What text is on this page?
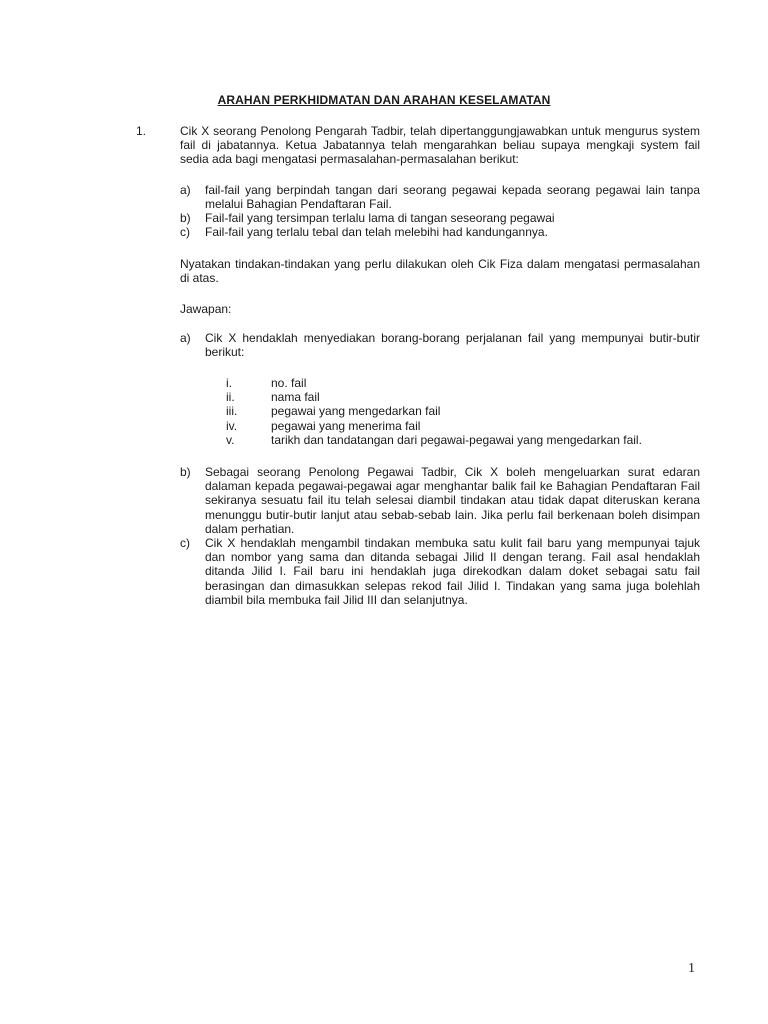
ARAHAN PERKHIDMATAN DAN ARAHAN KESELAMATAN
1.	Cik X seorang Penolong Pengarah Tadbir, telah dipertanggungjawabkan untuk mengurus system fail di jabatannya. Ketua Jabatannya telah mengarahkan beliau supaya mengkaji system fail sedia ada bagi mengatasi permasalahan-permasalahan berikut:
a)	fail-fail yang berpindah tangan dari seorang pegawai kepada seorang pegawai lain tanpa melalui Bahagian Pendaftaran Fail.
b)	Fail-fail yang tersimpan terlalu lama di tangan seseorang pegawai
c)	Fail-fail yang terlalu tebal dan telah melebihi had kandungannya.
Nyatakan tindakan-tindakan yang perlu dilakukan oleh Cik Fiza dalam mengatasi permasalahan di atas.
Jawapan:
a)	Cik X hendaklah menyediakan borang-borang perjalanan fail yang mempunyai butir-butir berikut:
i.	no. fail
ii.	nama fail
iii.	pegawai yang mengedarkan fail
iv.	pegawai yang menerima fail
v.	tarikh dan tandatangan dari pegawai-pegawai yang mengedarkan fail.
b)	Sebagai seorang Penolong Pegawai Tadbir, Cik X boleh mengeluarkan surat edaran dalaman kepada pegawai-pegawai agar menghantar balik fail ke Bahagian Pendaftaran Fail sekiranya sesuatu fail itu telah selesai diambil tindakan atau tidak dapat diteruskan kerana menunggu butir-butir lanjut atau sebab-sebab lain. Jika perlu fail berkenaan boleh disimpan dalam perhatian.
c)	Cik X hendaklah mengambil tindakan membuka satu kulit fail baru yang mempunyai tajuk dan nombor yang sama dan ditanda sebagai Jilid II dengan terang. Fail asal hendaklah ditanda Jilid I. Fail baru ini hendaklah juga direkodkan dalam doket sebagai satu fail berasingan dan dimasukkan selepas rekod fail Jilid I. Tindakan yang sama juga bolehlah diambil bila membuka fail Jilid III dan selanjutnya.
1
